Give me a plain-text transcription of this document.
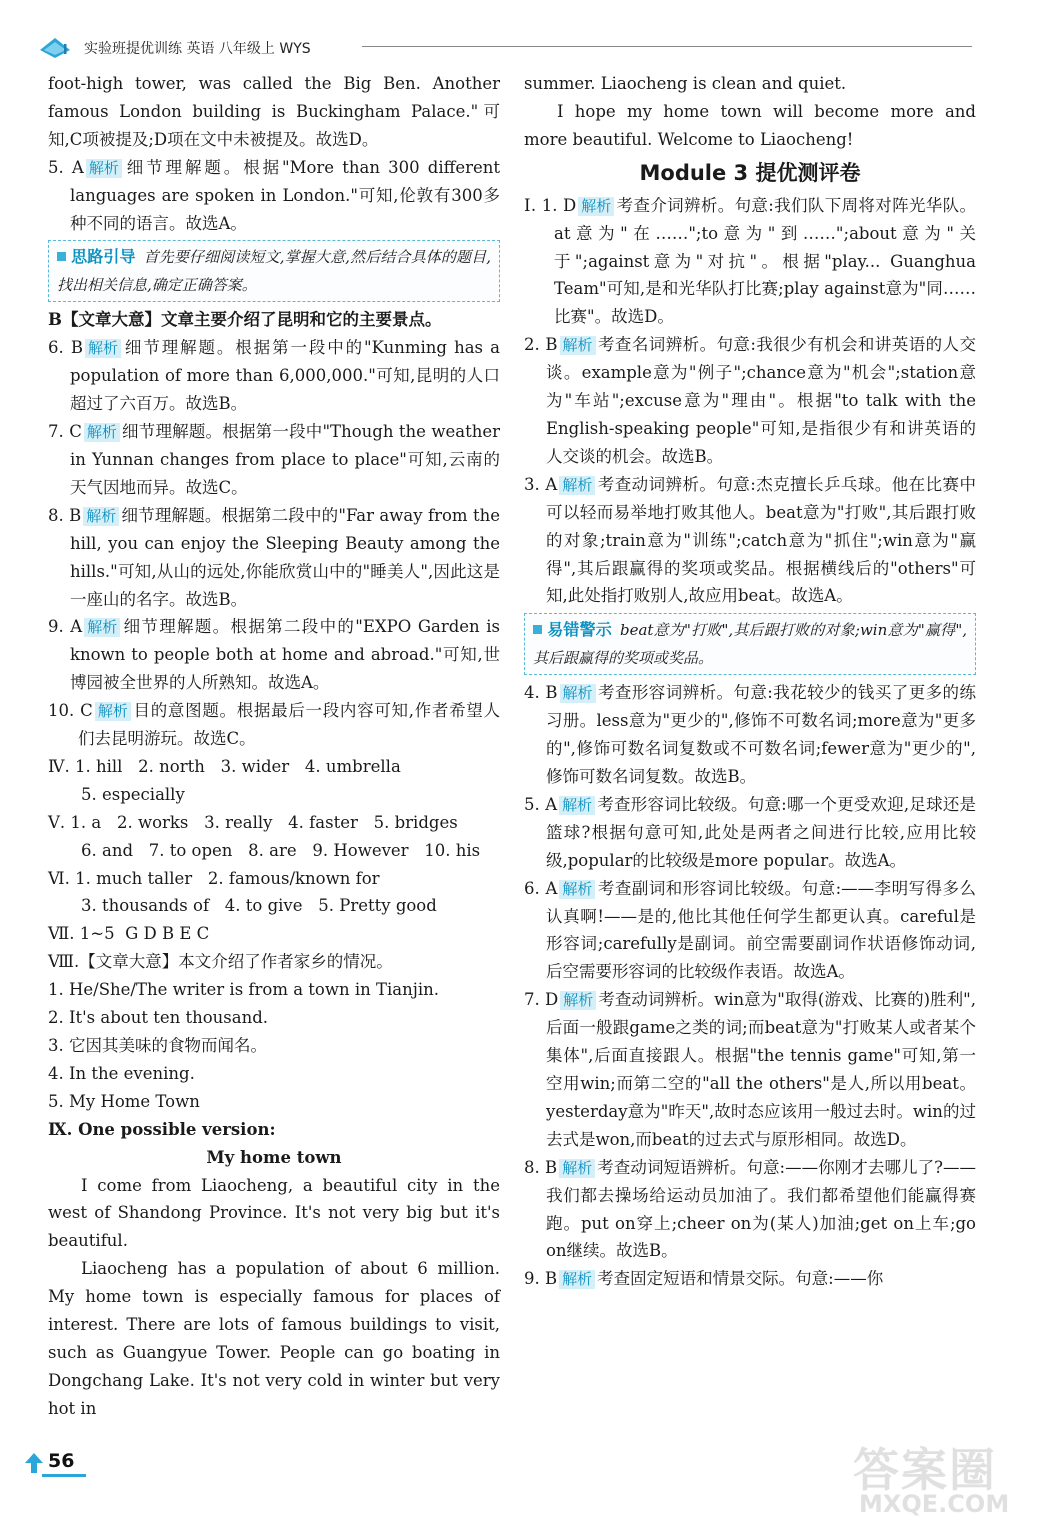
实验班提优训练 英语 八年级上 WYS

foot-high tower, was called the Big Ben. Another famous London building is Buckingham Palace."可知,C项被提及;D项在文中未被提及。故选D。

5. A 解析 细节理解题。根据"More than 300 different languages are spoken in London."可知,伦敦有300多种不同的语言。故选A。

思路引导 首先要仔细阅读短文,掌握大意,然后结合具体的题目,找出相关信息,确定正确答案。

B【文章大意】文章主要介绍了昆明和它的主要景点。

6. B 解析 细节理解题。根据第一段中的"Kunming has a population of more than 6,000,000."可知,昆明的人口超过了六百万。故选B。

7. C 解析 细节理解题。根据第一段中"Though the weather in Yunnan changes from place to place"可知,云南的天气因地而异。故选C。

8. B 解析 细节理解题。根据第二段中的"Far away from the hill, you can enjoy the Sleeping Beauty among the hills."可知,从山的远处,你能欣赏山中的"睡美人",因此这是一座山的名字。故选B。

9. A 解析 细节理解题。根据第二段中的"EXPO Garden is known to people both at home and abroad."可知,世博园被全世界的人所熟知。故选A。

10. C 解析 目的意图题。根据最后一段内容可知,作者希望人们去昆明游玩。故选C。

Ⅳ. 1. hill   2. north   3. wider   4. umbrella

5. especially

Ⅴ. 1. a   2. works   3. really   4. faster   5. bridges

6. and   7. to open   8. are   9. However   10. his

Ⅵ. 1. much taller   2. famous/known for

3. thousands of   4. to give   5. Pretty good

Ⅶ. 1~5  G D B E C

Ⅷ.【文章大意】本文介绍了作者家乡的情况。

1. He/She/The writer is from a town in Tianjin.

2. It's about ten thousand.

3. 它因其美味的食物而闻名。

4. In the evening.

5. My Home Town

Ⅸ. One possible version:

My home town

I come from Liaocheng, a beautiful city in the west of Shandong Province. It's not very big but it's beautiful.

Liaocheng has a population of about 6 million. My home town is especially famous for places of interest. There are lots of famous buildings to visit, such as Guangyue Tower. People can go boating in Dongchang Lake. It's not very cold in winter but very hot in

summer. Liaocheng is clean and quiet.

I hope my home town will become more and more beautiful. Welcome to Liaocheng!

Module 3 提优测评卷

Ⅰ. 1. D 解析 考查介词辨析。句意:我们队下周将对阵光华队。at意为"在……";to意为"到……";about意为"关于";against意为"对抗"。根据"play... Guanghua Team"可知,是和光华队打比赛;play against意为"同……比赛"。故选D。

2. B 解析 考查名词辨析。句意:我很少有机会和讲英语的人交谈。example意为"例子";chance意为"机会";station意为"车站";excuse意为"理由"。根据"to talk with the English-speaking people"可知,是指很少有和讲英语的人交谈的机会。故选B。

3. A 解析 考查动词辨析。句意:杰克擅长乒乓球。他在比赛中可以轻而易举地打败其他人。beat意为"打败",其后跟打败的对象;train意为"训练";catch意为"抓住";win意为"赢得",其后跟赢得的奖项或奖品。根据横线后的"others"可知,此处指打败别人,故应用beat。故选A。

易错警示 beat意为"打败",其后跟打败的对象;win意为"赢得",其后跟赢得的奖项或奖品。

4. B 解析 考查形容词辨析。句意:我花较少的钱买了更多的练习册。less意为"更少的",修饰不可数名词;more意为"更多的",修饰可数名词复数或不可数名词;fewer意为"更少的",修饰可数名词复数。故选B。

5. A 解析 考查形容词比较级。句意:哪一个更受欢迎,足球还是篮球?根据句意可知,此处是两者之间进行比较,应用比较级,popular的比较级是more popular。故选A。

6. A 解析 考查副词和形容词比较级。句意:——李明写得多么认真啊!——是的,他比其他任何学生都更认真。careful是形容词;carefully是副词。前空需要副词作状语修饰动词,后空需要形容词的比较级作表语。故选A。

7. D 解析 考查动词辨析。win意为"取得(游戏、比赛的)胜利",后面一般跟game之类的词;而beat意为"打败某人或者某个集体",后面直接跟人。根据"the tennis game"可知,第一空用win;而第二空的"all the others"是人,所以用beat。yesterday意为"昨天",故时态应该用一般过去时。win的过去式是won,而beat的过去式与原形相同。故选D。

8. B 解析 考查动词短语辨析。句意:——你刚才去哪儿了?——我们都去操场给运动员加油了。我们都希望他们能赢得赛跑。put on穿上;cheer on为(某人)加油;get on上车;go on继续。故选B。

9. B 解析 考查固定短语和情景交际。句意:——你

56	答案圈
MXQE.COM
